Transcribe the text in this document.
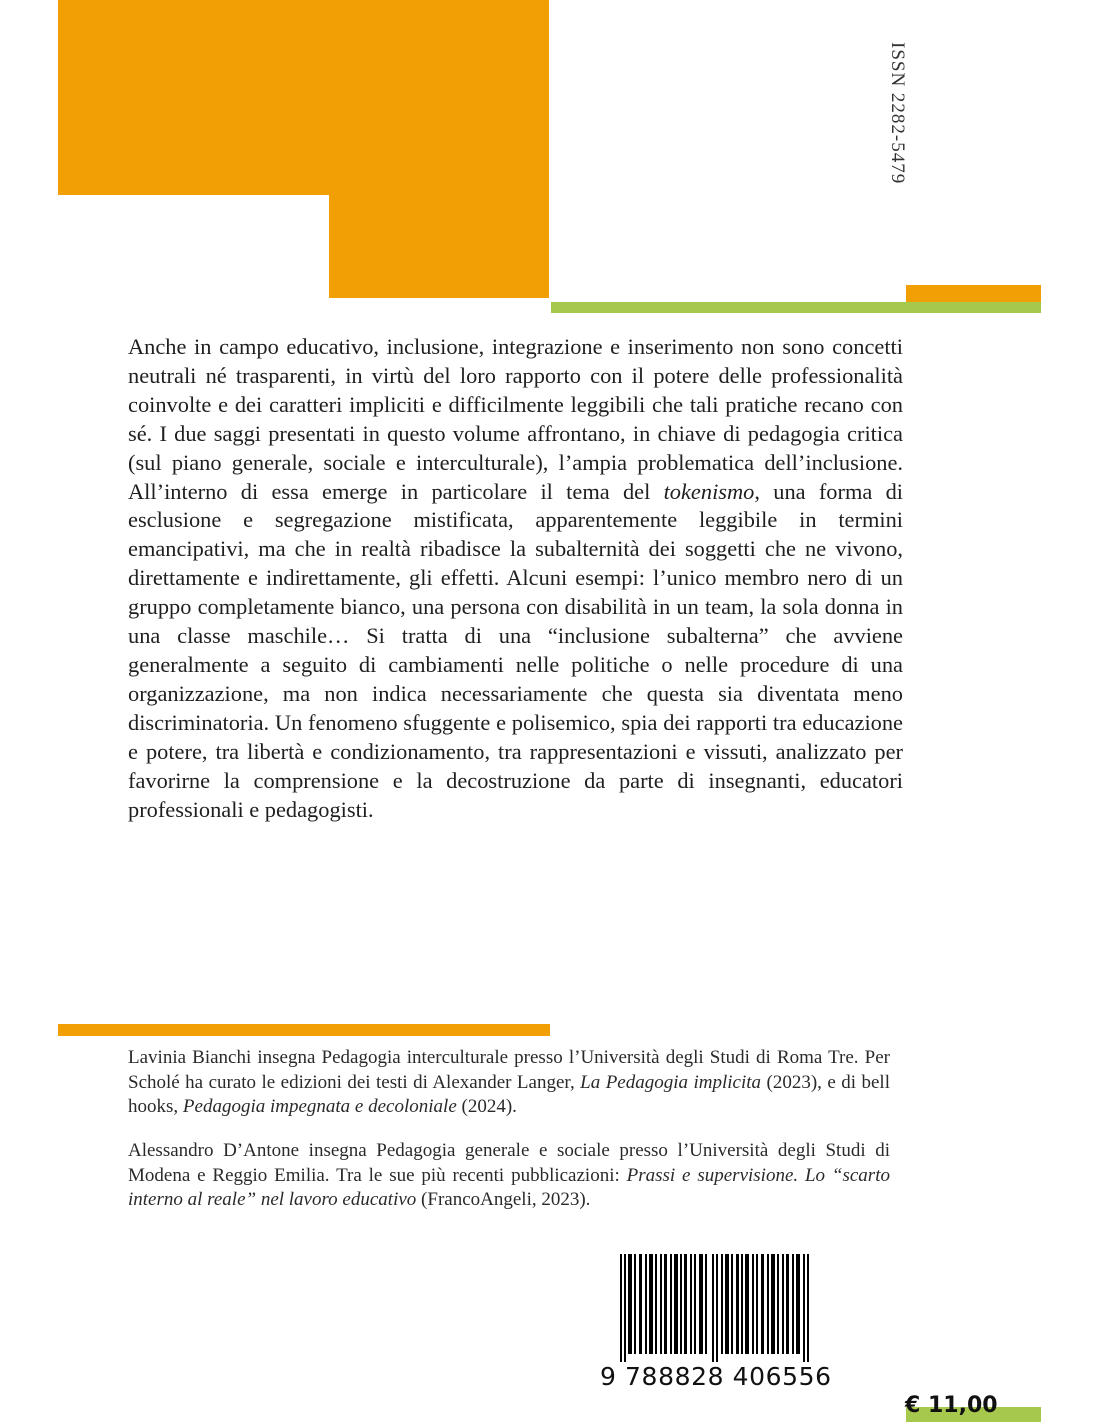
ISSN 2282-5479

Anche in campo educativo, inclusione, integrazione e inserimento non sono concetti neutrali né trasparenti, in virtù del loro rapporto con il potere delle professionalità coinvolte e dei caratteri impliciti e difficilmente leggibili che tali pratiche recano con sé. I due saggi presentati in questo volume affrontano, in chiave di pedagogia critica (sul piano generale, sociale e interculturale), l’ampia problematica dell’inclusione. All’interno di essa emerge in particolare il tema del tokenismo, una forma di esclusione e segregazione mistificata, apparentemente leggibile in termini emancipativi, ma che in realtà ribadisce la subalternità dei soggetti che ne vivono, direttamente e indirettamente, gli effetti. Alcuni esempi: l’unico membro nero di un gruppo completamente bianco, una persona con disabilità in un team, la sola donna in una classe maschile… Si tratta di una “inclusione subalterna” che avviene generalmente a seguito di cambiamenti nelle politiche o nelle procedure di una organizzazione, ma non indica necessariamente che questa sia diventata meno discriminatoria. Un fenomeno sfuggente e polisemico, spia dei rapporti tra educazione e potere, tra libertà e condizionamento, tra rappresentazioni e vissuti, analizzato per favorirne la comprensione e la decostruzione da parte di insegnanti, educatori professionali e pedagogisti.

Lavinia Bianchi insegna Pedagogia interculturale presso l’Università degli Studi di Roma Tre. Per Scholé ha curato le edizioni dei testi di Alexander Langer, La Pedagogia implicita (2023), e di bell hooks, Pedagogia impegnata e decoloniale (2024).

Alessandro D’Antone insegna Pedagogia generale e sociale presso l’Università degli Studi di Modena e Reggio Emilia. Tra le sue più recenti pubblicazioni: Prassi e supervisione. Lo “scarto interno al reale” nel lavoro educativo (FrancoAngeli, 2023).

9 788828 406556
€ 11,00
